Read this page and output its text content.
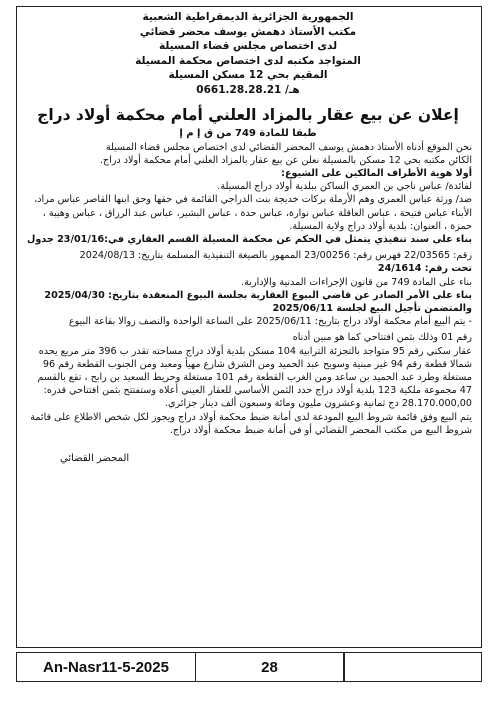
الجمهورية الجزائرية الديمقراطية الشعبية
مكتب الأستاذ دهمش يوسف محضر قضائي
لدى اختصاص مجلس قضاء المسيلة
المتواجد مكتبه لدى اختصاص محكمة المسيلة
المقيم بحي 12 مسكن المسيلة
هـ/ 0661.28.28.21
إعلان عن بيع عقار بالمزاد العلني أمام محكمة أولاد دراج
طبقا للمادة 749 من ق إ م إ

نحن الموقع أدناه الأستاذ دهمش يوسف المحضر القضائي لدى اختصاص مجلس قضاء المسيلة

الكائن مكتبه بحي 12 مسكن بالمسيلة نعلن عن بيع عقار بالمزاد العلني أمام محكمة أولاد دراج.

أولا هوية الأطراف المالكين على الشيوع:

لفائدة/ عباس ناجي بن العمري الساكن ببلدية أولاد دراج المسيلة.

ضد/ ورثة عباس العمري وهم الأرملة بركات خديجة بنت الدراجي القائمة في حقها وحق ابنها القاصر عباس مراد، الأبناء عباس فتيحة ، عباس العاقلة عباس نوارة، عباس حدة ، عباس البشير، عباس عبد الرزاق ، عباس وهيبة ، حمزة ، العنوان: بلدية أولاد دراج ولاية المسيلة.

بناء على سند تنفيذي يتمثل في الحكم عن محكمة المسيلة القسم العقاري في:23/01/16 جدول

رقم: 22/03565 فهرس رقم: 23/00256 الممهور بالصيغة التنفيذية المسلمة بتاريخ: 2024/08/13

تحت رقم: 24/1614

بناء على المادة 749 من قانون الإجراءات المدنية والإدارية.

بناء على الأمر الصادر عن قاضي البيوع العقارية بجلسة البيوع المنعقدة بتاريخ: 2025/04/30 والمتضمن تأجيل البيع لجلسة 2025/06/11

- يتم البيع أمام محكمة أولاد دراج بتاريخ: 2025/06/11 على الساعة الواحدة والنصف زوالا بقاعة البيوع

رقم 01 وذلك بثمن افتتاحي كما هو مبين أدناه

عقار سكني رقم 95 متواجد بالتجزئة الترابية 104 مسكن بلدية أولاد دراج مساحته تقدر ب 396 متر مربع يحده شمالا قطعة رقم 94 غير مبنية وسويح عبد الحميد ومن الشرق شارع مهيأ ومعبد ومن الجنوب القطعة رقم 96 مستغلة وطرد عبد الحميد بن ساعد ومن الغرب القطعة رقم 101 مستغلة وحريط السعيد بن رابح ، تقع بالقسم 47 مجموعة ملكية 123 بلدية أولاد دراج حدد الثمن الأساسي للعقار العيني أعلاه وستفتتح بثمن افتتاحي قدره: 28.170.000,00 دج ثمانية وعشرون مليون ومائة وسبعون ألف دينار جزائري.

يتم البيع وفق قائمة شروط البيع المودعة لدى أمانة ضبط محكمة أولاد دراج ويجوز لكل شخص الاطلاع على قائمة شروط البيع من مكتب المحضر القضائي أو في أمانة ضبط محكمة أولاد دراج.

المحضر القضائي
An-Nasr11-5-2025	28
